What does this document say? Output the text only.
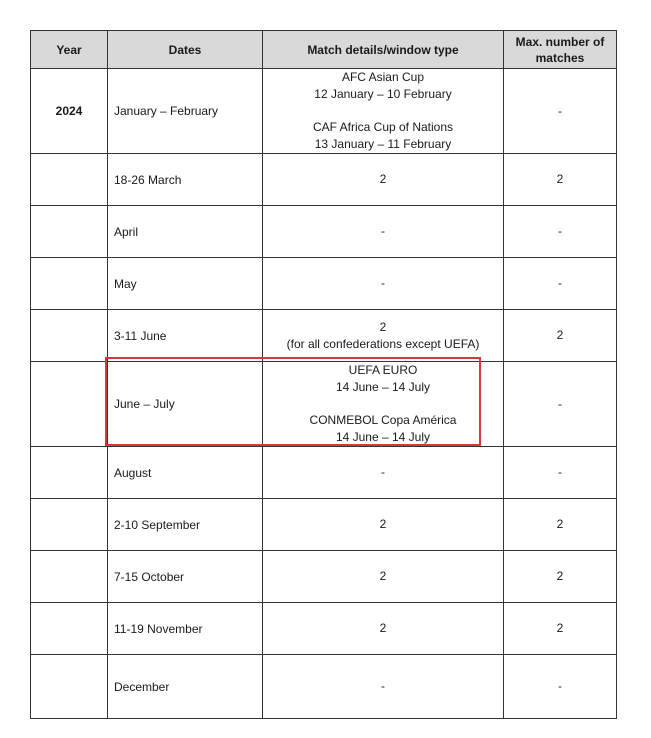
Year	Dates	Match details/window type	Max. number of
matches

2024	January – February	AFC Asian Cup
12 January – 10 February
CAF Africa Cup of Nations
13 January – 11 February	-
	18-26 March	2	2
	April	-	-
	May	-	-
	3-11 June	2
(for all confederations except UEFA)	2
	June – July	UEFA EURO
14 June – 14 July
CONMEBOL Copa América
14 June – 14 July	-
	August	-	-
	2-10 September	2	2
	7-15 October	2	2
	11-19 November	2	2
	December	-	-
